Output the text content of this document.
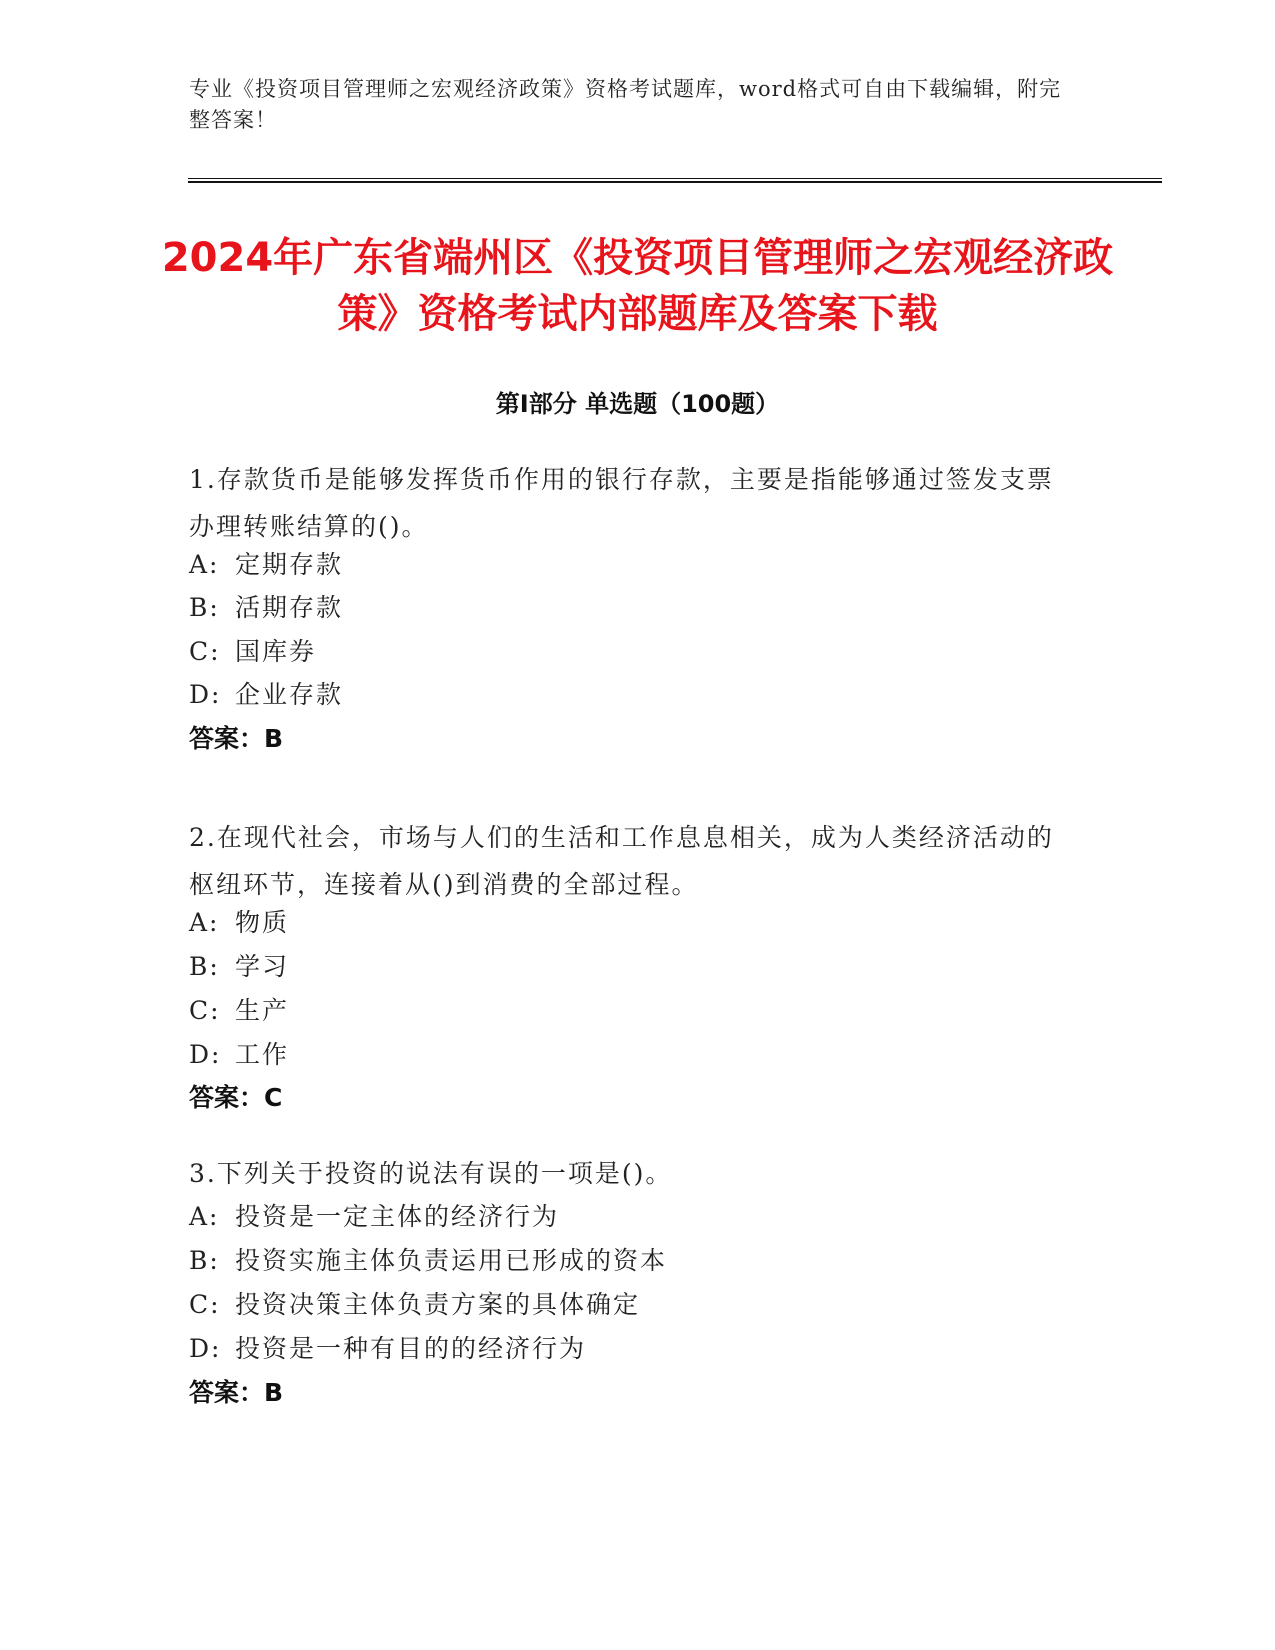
专业《投资项目管理师之宏观经济政策》资格考试题库，word格式可自由下载编辑，附完整答案！
2024年广东省端州区《投资项目管理师之宏观经济政策》资格考试内部题库及答案下载
第Ⅰ部分 单选题（100题）
1.存款货币是能够发挥货币作用的银行存款，主要是指能够通过签发支票办理转账结算的()。
A: 定期存款
B: 活期存款
C: 国库券
D: 企业存款
答案：B
2.在现代社会，市场与人们的生活和工作息息相关，成为人类经济活动的枢纽环节，连接着从()到消费的全部过程。
A: 物质
B: 学习
C: 生产
D: 工作
答案：C
3.下列关于投资的说法有误的一项是()。
A: 投资是一定主体的经济行为
B: 投资实施主体负责运用已形成的资本
C: 投资决策主体负责方案的具体确定
D: 投资是一种有目的的经济行为
答案：B
